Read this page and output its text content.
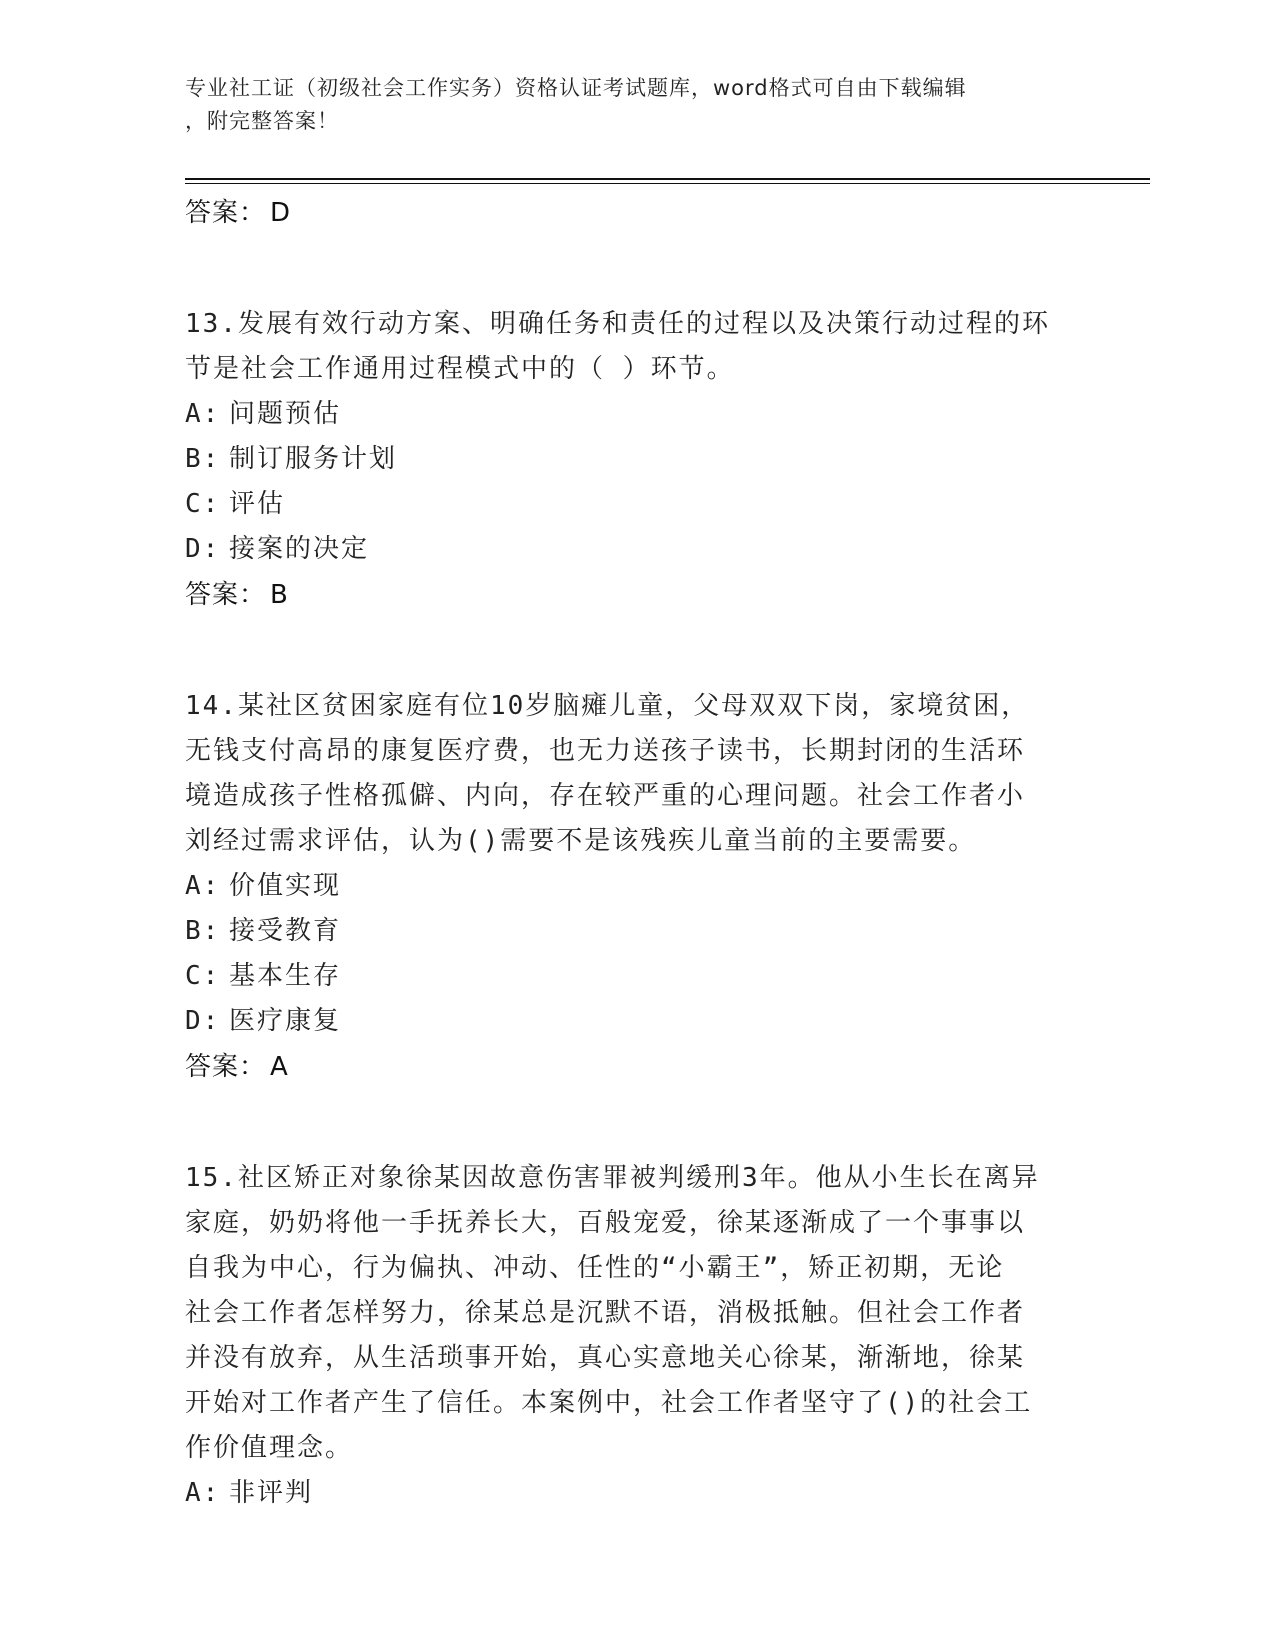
专业社工证（初级社会工作实务）资格认证考试题库，word格式可自由下载编辑
，附完整答案！
答案： D
13.发展有效行动方案、明确任务和责任的过程以及决策行动过程的环
节是社会工作通用过程模式中的（ ）环节。
A: 问题预估
B: 制订服务计划
C: 评估
D: 接案的决定
答案： B
14.某社区贫困家庭有位10岁脑瘫儿童，父母双双下岗，家境贫困，
无钱支付高昂的康复医疗费，也无力送孩子读书，长期封闭的生活环
境造成孩子性格孤僻、内向，存在较严重的心理问题。社会工作者小
刘经过需求评估，认为()需要不是该残疾儿童当前的主要需要。
A: 价值实现
B: 接受教育
C: 基本生存
D: 医疗康复
答案： A
15.社区矫正对象徐某因故意伤害罪被判缓刑3年。他从小生长在离异
家庭，奶奶将他一手抚养长大，百般宠爱，徐某逐渐成了一个事事以
自我为中心，行为偏执、冲动、任性的“小霸王”，矫正初期，无论
社会工作者怎样努力，徐某总是沉默不语，消极抵触。但社会工作者
并没有放弃，从生活琐事开始，真心实意地关心徐某，渐渐地，徐某
开始对工作者产生了信任。本案例中，社会工作者坚守了()的社会工
作价值理念。
A: 非评判
